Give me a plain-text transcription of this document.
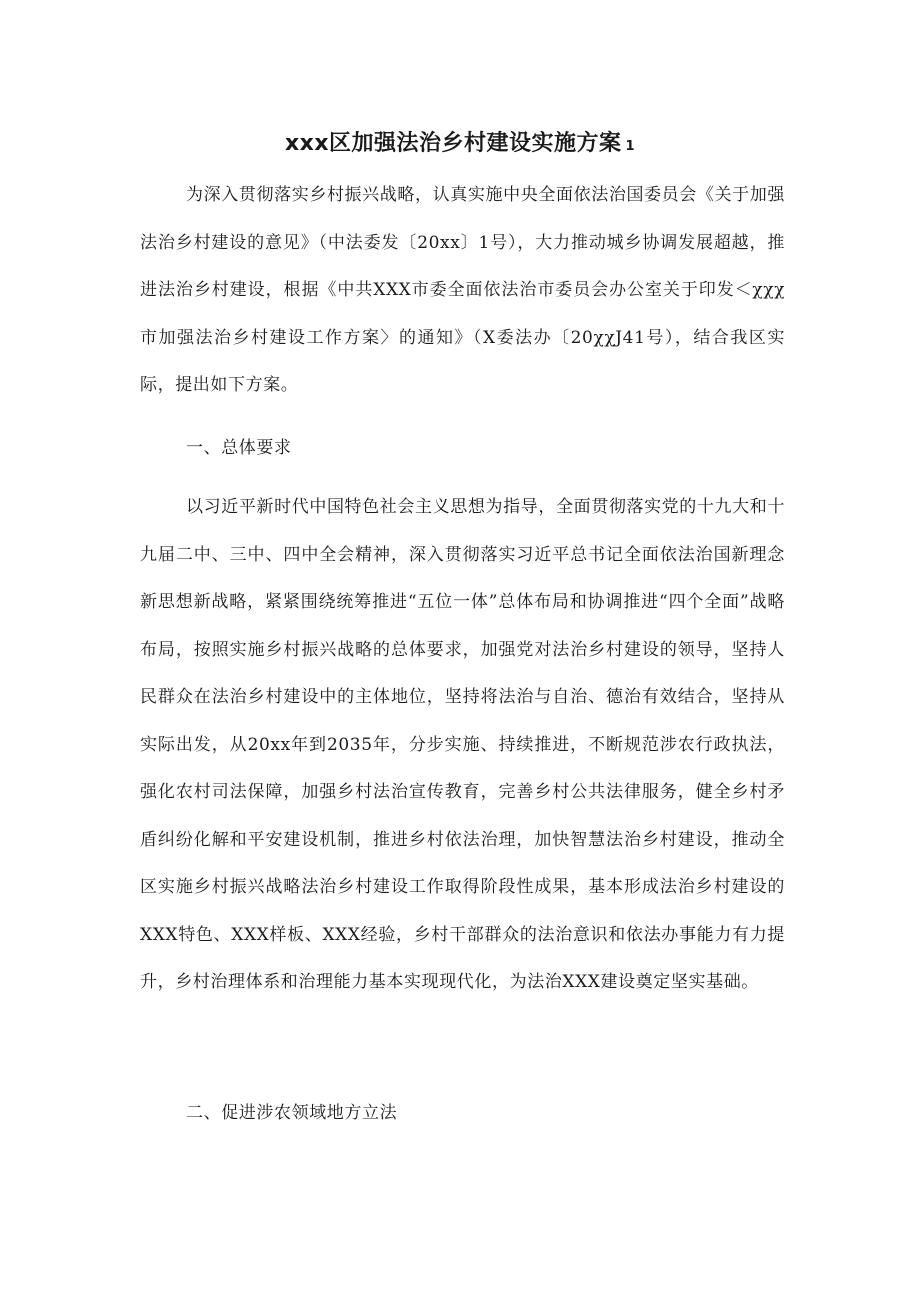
xxx区加强法治乡村建设实施方案 1

为深入贯彻落实乡村振兴战略，认真实施中央全面依法治国委员会《关于加强法治乡村建设的意见》（中法委发〔20xx〕1号），大力推动城乡协调发展超越，推进法治乡村建设，根据《中共XXX市委全面依法治市委员会办公室关于印发＜χχχ市加强法治乡村建设工作方案〉的通知》（X委法办〔20χχJ41号），结合我区实际，提出如下方案。

一、总体要求

以习近平新时代中国特色社会主义思想为指导，全面贯彻落实党的十九大和十九届二中、三中、四中全会精神，深入贯彻落实习近平总书记全面依法治国新理念新思想新战略，紧紧围绕统筹推进“五位一体”总体布局和协调推进“四个全面”战略布局，按照实施乡村振兴战略的总体要求，加强党对法治乡村建设的领导，坚持人民群众在法治乡村建设中的主体地位，坚持将法治与自治、德治有效结合，坚持从实际出发，从20xx年到2035年，分步实施、持续推进，不断规范涉农行政执法，强化农村司法保障，加强乡村法治宣传教育，完善乡村公共法律服务，健全乡村矛盾纠纷化解和平安建设机制，推进乡村依法治理，加快智慧法治乡村建设，推动全区实施乡村振兴战略法治乡村建设工作取得阶段性成果，基本形成法治乡村建设的XXX特色、XXX样板、XXX经验，乡村干部群众的法治意识和依法办事能力有力提升，乡村治理体系和治理能力基本实现现代化，为法治XXX建设奠定坚实基础。

二、促进涉农领域地方立法
